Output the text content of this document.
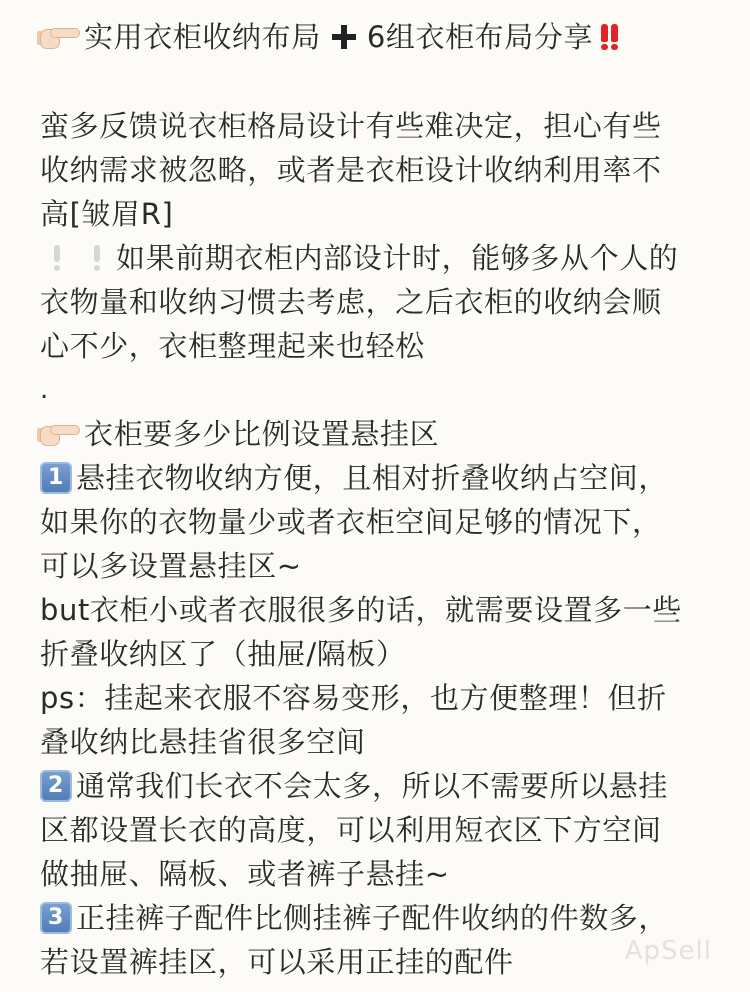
实用衣柜收纳布局 6组衣柜布局分享
蛮多反馈说衣柜格局设计有些难决定，担心有些
收纳需求被忽略，或者是衣柜设计收纳利用率不
高[皱眉R]
如果前期衣柜内部设计时，能够多从个人的
衣物量和收纳习惯去考虑，之后衣柜的收纳会顺
心不少，衣柜整理起来也轻松
.
衣柜要多少比例设置悬挂区
1 悬挂衣物收纳方便，且相对折叠收纳占空间，
如果你的衣物量少或者衣柜空间足够的情况下，
可以多设置悬挂区~
but衣柜小或者衣服很多的话，就需要设置多一些
折叠收纳区了（抽屉/隔板）
ps：挂起来衣服不容易变形，也方便整理！但折
叠收纳比悬挂省很多空间
2 通常我们长衣不会太多，所以不需要所以悬挂
区都设置长衣的高度，可以利用短衣区下方空间
做抽屉、隔板、或者裤子悬挂~
3 正挂裤子配件比侧挂裤子配件收纳的件数多，
若设置裤挂区，可以采用正挂的配件	ApSell
